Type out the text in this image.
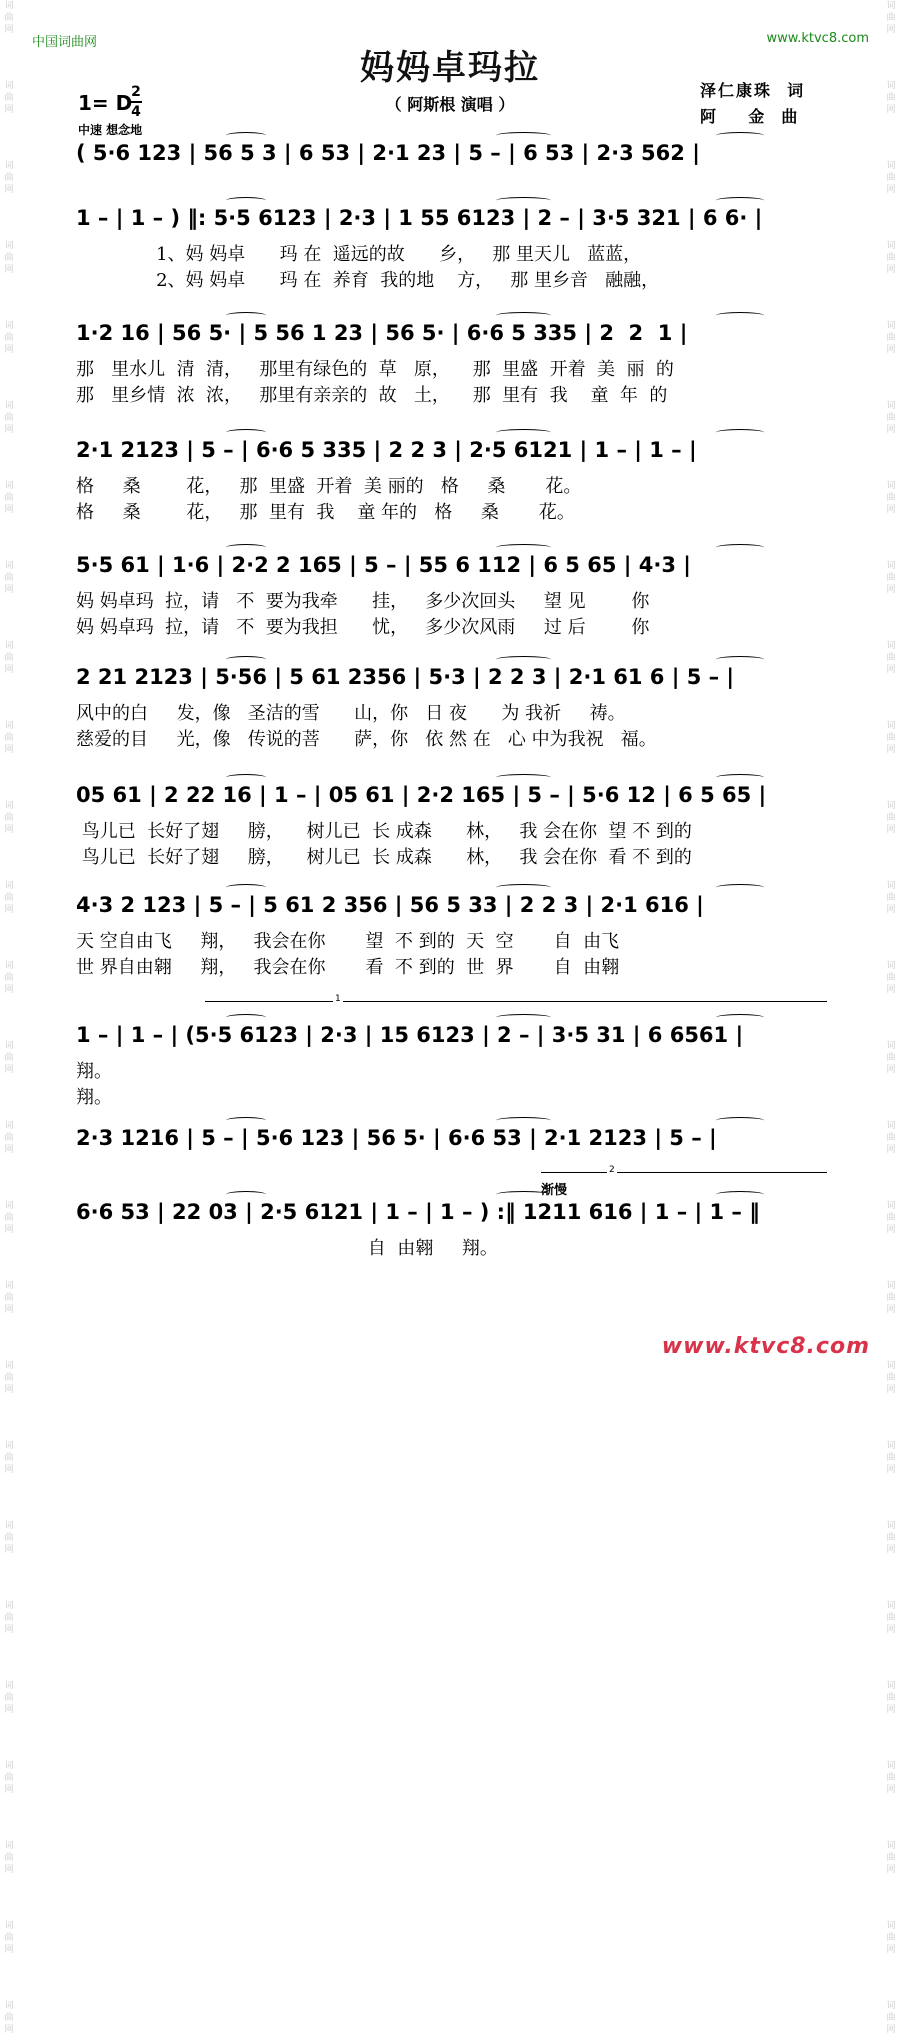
词
曲
网
词
曲
网
词
曲
网
词
曲
网
词
曲
网
词
曲
网
词
曲
网
词
曲
网
词
曲
网
词
曲
网
词
曲
网
词
曲
网
词
曲
网
词
曲
网
词
曲
网
词
曲
网
词
曲
网
词
曲
网
词
曲
网
词
曲
网
词
曲
网
词
曲
网
词
曲
网
词
曲
网
词
曲
网
词
曲
网
词
曲
网
词
曲
网
词
曲
网
词
曲
网
词
曲
网
词
曲
网
词
曲
网
词
曲
网
词
曲
网
词
曲
网
词
曲
网
词
曲
网
词
曲
网
词
曲
网
词
曲
网
词
曲
网
词
曲
网
词
曲
网
词
曲
网
词
曲
网
词
曲
网
词
曲
网
词
曲
网
词
曲
网
词
曲
网
词
曲
网
中国词曲网	www.ktvc8.com
妈妈卓玛拉
（ 阿斯根 演唱 ）
泽仁康珠  词
阿    金  曲
1= D
2
4
中速 想念地
( 5·6 123 | 56 5 3 | 6 53 | 2·1 23 | 5 – | 6 53 | 2·3 562 |
1 – | 1 – ) ‖: 5·5 6123 | 2·3 | 1 55 6123 | 2 – | 3·5 321 | 6 6· |
1、妈 妈卓      玛 在  遥远的故      乡，   那 里天儿   蓝蓝，
2、妈 妈卓      玛 在  养育  我的地    方，   那 里乡音   融融，
1·2 16 | 56 5· | 5 56 1 23 | 56 5· | 6·6 5 335 | 2  2  1 |
那   里水儿  清  清，   那里有绿色的  草   原，    那  里盛  开着  美  丽  的
那   里乡情  浓  浓，   那里有亲亲的  故   土，    那  里有  我    童  年  的
2·1 2123 | 5 – | 6·6 5 335 | 2 2 3 | 2·5 6121 | 1 – | 1 – |
格     桑        花，   那  里盛  开着  美 丽的   格     桑       花。
格     桑        花，   那  里有  我    童 年的   格     桑       花。
5·5 61 | 1·6 | 2·2 2 165 | 5 – | 55 6 112 | 6 5 65 | 4·3 |
妈 妈卓玛  拉，请   不  要为我牵      挂，   多少次回头     望 见        你
妈 妈卓玛  拉，请   不  要为我担      忧，   多少次风雨     过 后        你
2 21 2123 | 5·56 | 5 61 2356 | 5·3 | 2 2 3 | 2·1 61 6 | 5 – |
风中的白     发，像   圣洁的雪      山，你   日 夜      为 我祈     祷。
慈爱的目     光，像   传说的菩      萨，你   依 然 在   心 中为我祝   福。
05 61 | 2 22 16 | 1 – | 05 61 | 2·2 165 | 5 – | 5·6 12 | 6 5 65 |
鸟儿已  长好了翅     膀，    树儿已  长 成森      林，   我 会在你  望 不 到的
鸟儿已  长好了翅     膀，    树儿已  长 成森      林，   我 会在你  看 不 到的
4·3 2 123 | 5 – | 5 61 2 356 | 56 5 33 | 2 2 3 | 2·1 616 |
天 空自由飞     翔，   我会在你       望  不 到的  天  空       自  由飞
世 界自由翱     翔，   我会在你       看  不 到的  世  界       自  由翱
1 – | 1 – | (5·5 6123 | 2·3 | 15 6123 | 2 – | 3·5 31 | 6 6561 |
翔。
翔。
2·3 1216 | 5 – | 5·6 123 | 56 5· | 6·6 53 | 2·1 2123 | 5 – |
6·6 53 | 22 03 | 2·5 6121 | 1 – | 1 – ) :‖ 1211 616 | 1 – | 1 – ‖
自  由翱     翔。
1
2
渐慢
www.ktvc8.com
